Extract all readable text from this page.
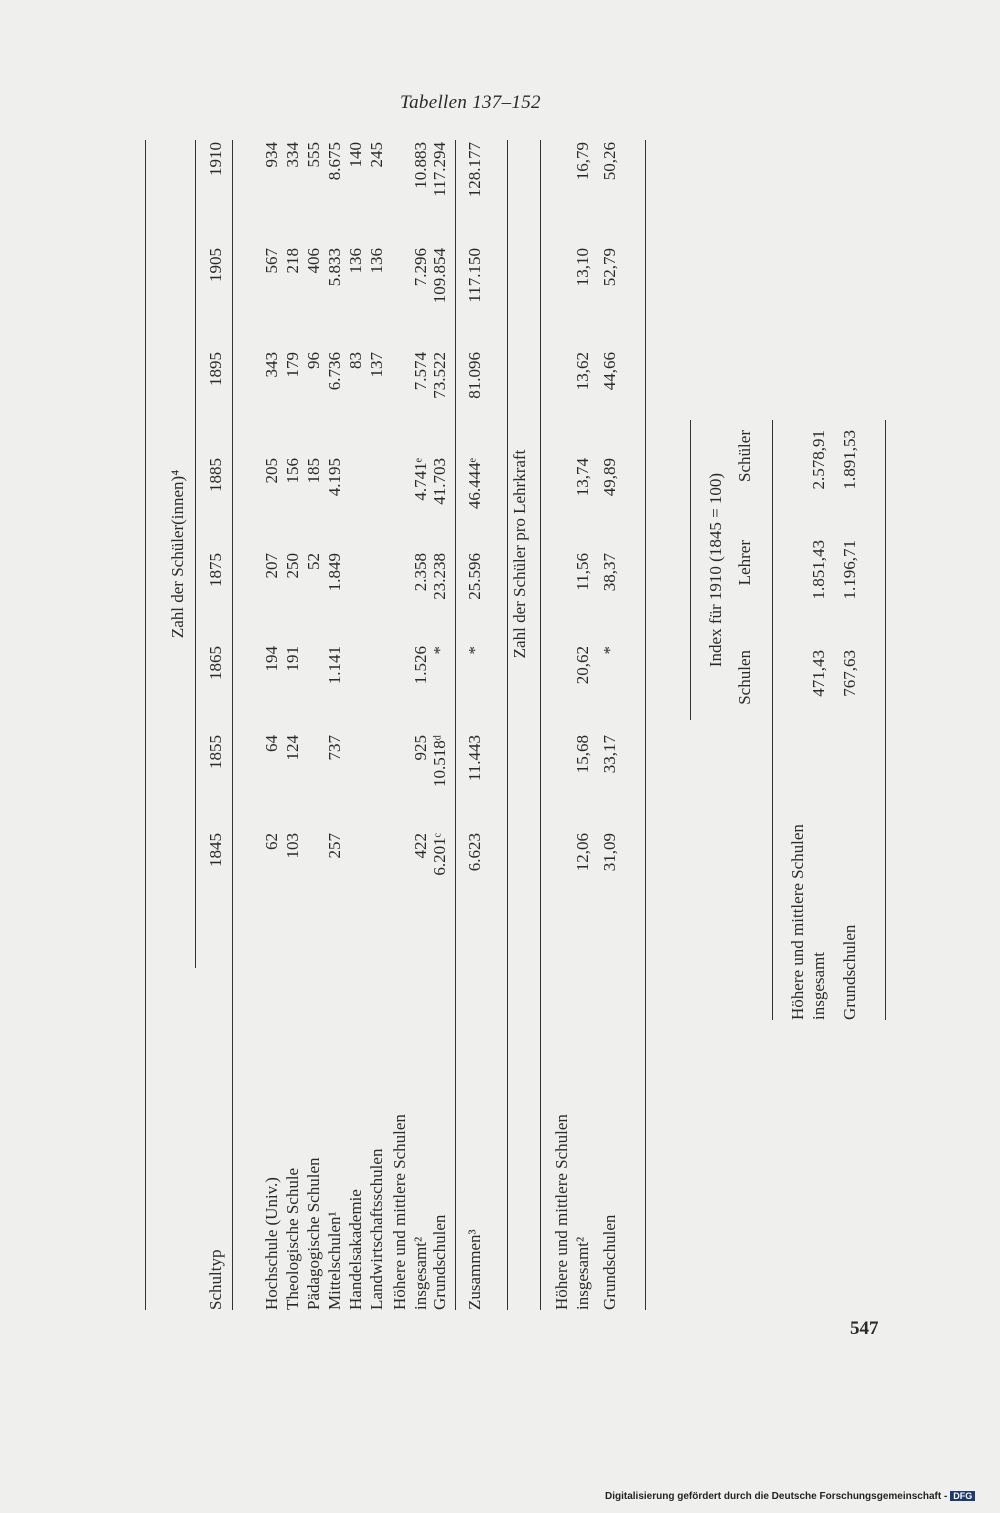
Tabellen 137–152
Schultyp
Zahl der Schüler(innen)⁴
1845
1855
1865
1875
1885
1895
1905
1910
Hochschule (Univ.)
62
64
194
207
205
343
567
934
Theologische Schule
103
124
191
250
156
179
218
334
Pädagogische Schulen
52
185
96
406
555
Mittelschulen¹
257
737
1.141
1.849
4.195
6.736
5.833
8.675
Handelsakademie
83
136
140
Landwirtschaftsschulen
137
136
245
Höhere und mittlere Schulen insgesamt²
422
925
1.526
2.358
4.741ᵉ
7.574
7.296
10.883
Grundschulen
6.201ᶜ
10.518ᵈ
*
23.238
41.703
73.522
109.854
117.294
Zusammen³
6.623
11.443
*
25.596
46.444ᵉ
81.096
117.150
128.177
Zahl der Schüler pro Lehrkraft
Höhere und mittlere Schulen insgesamt²
12,06
15,68
20,62
11,56
13,74
13,62
13,10
16,79
Grundschulen
31,09
33,17
*
38,37
49,89
44,66
52,79
50,26
Index für 1910 (1845 = 100)
Schulen
Lehrer
Schüler
Höhere und mittlere Schulen insgesamt
471,43
1.851,43
2.578,91
Grundschulen
767,63
1.196,71
1.891,53
547
Digitalisierung gefördert durch die Deutsche Forschungsgemeinschaft - DFG
